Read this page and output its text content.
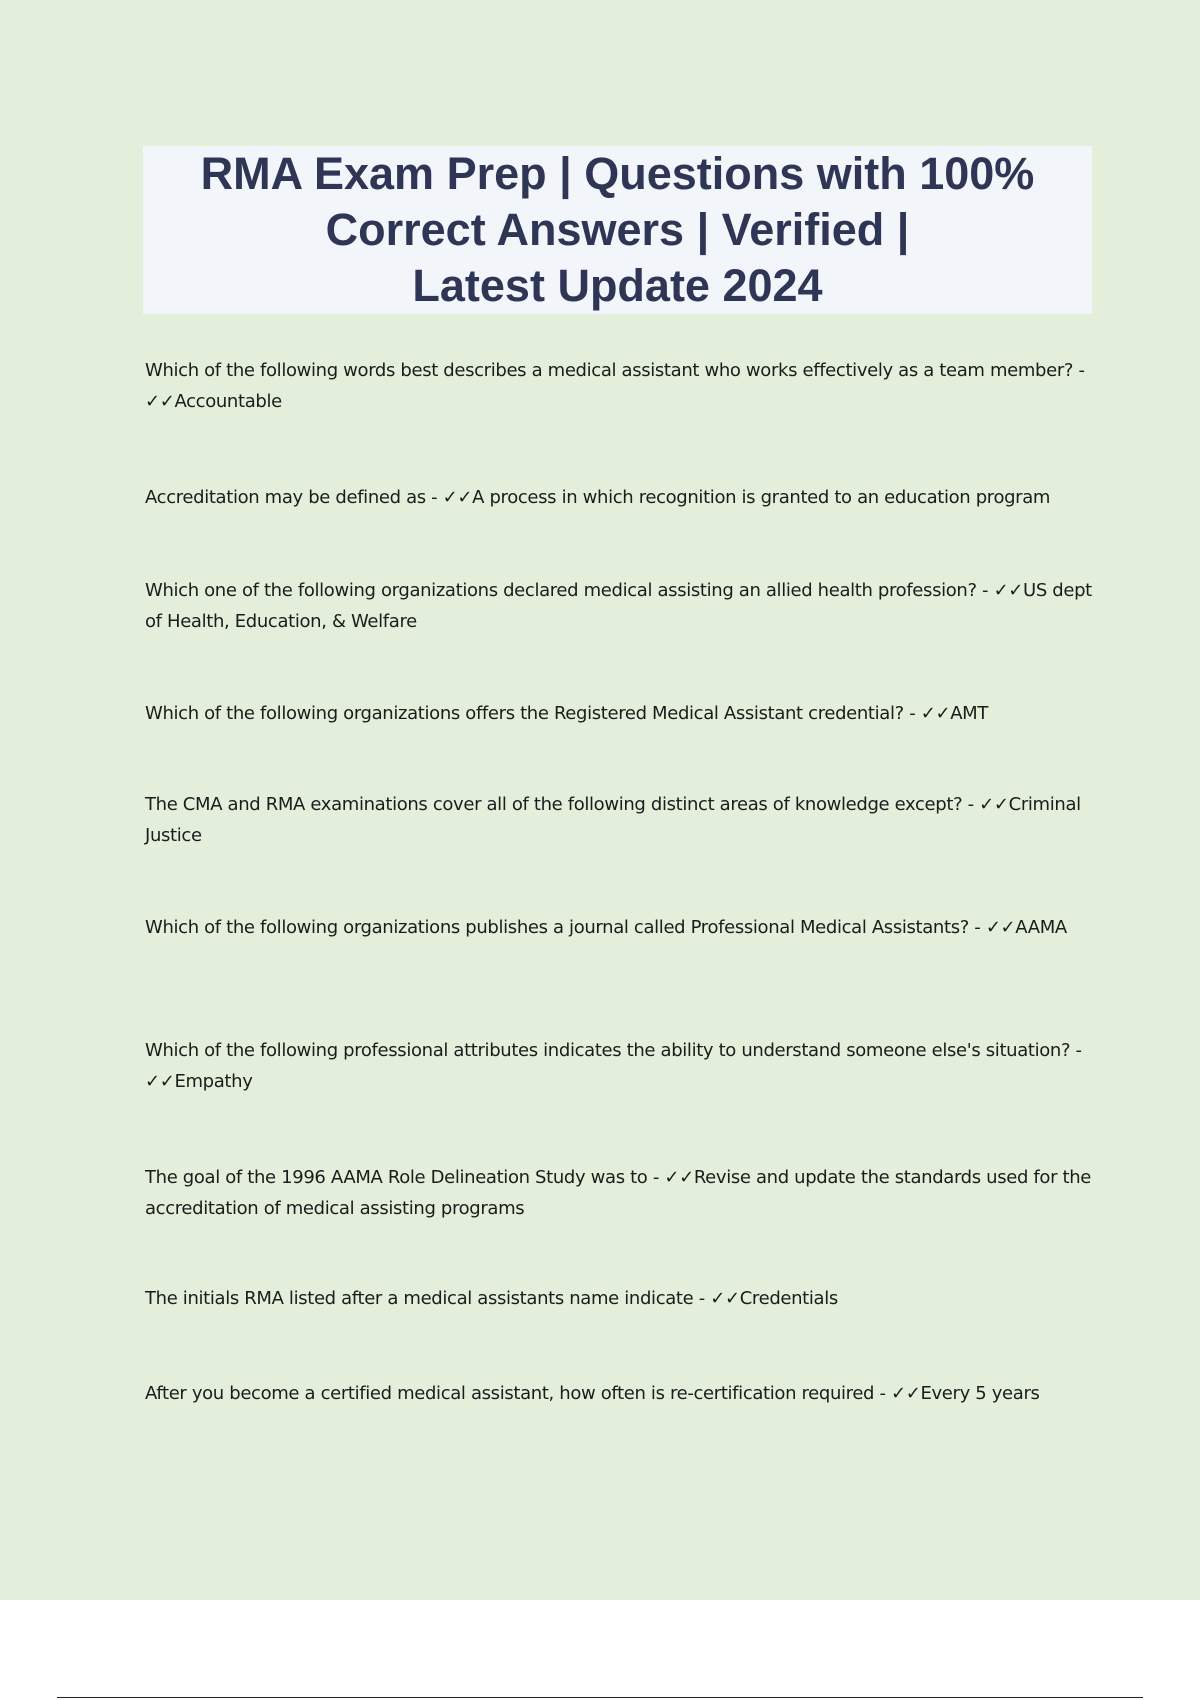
RMA Exam Prep | Questions with 100%
Correct Answers | Verified |
Latest Update 2024

Which of the following words best describes a medical assistant who works effectively as a team member? - ✓✓Accountable

Accreditation may be defined as - ✓✓A process in which recognition is granted to an education program

Which one of the following organizations declared medical assisting an allied health profession? - ✓✓US dept of Health, Education, & Welfare

Which of the following organizations offers the Registered Medical Assistant credential? - ✓✓AMT

The CMA and RMA examinations cover all of the following distinct areas of knowledge except? - ✓✓Criminal Justice

Which of the following organizations publishes a journal called Professional Medical Assistants? - ✓✓AAMA

Which of the following professional attributes indicates the ability to understand someone else's situation? - ✓✓Empathy

The goal of the 1996 AAMA Role Delineation Study was to - ✓✓Revise and update the standards used for the accreditation of medical assisting programs

The initials RMA listed after a medical assistants name indicate - ✓✓Credentials

After you become a certified medical assistant, how often is re-certification required - ✓✓Every 5 years
